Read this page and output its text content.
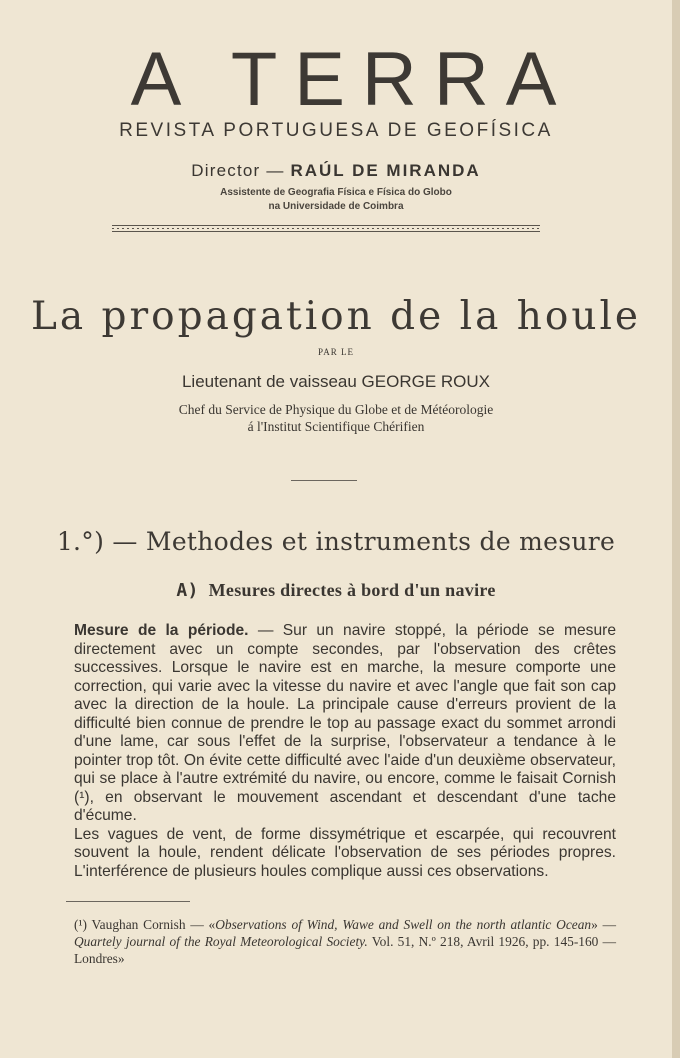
A TERRA
REVISTA PORTUGUESA DE GEOFÍSICA
Director — RAÚL DE MIRANDA
Assistente de Geografia Física e Física do Globo
na Universidade de Coimbra
La propagation de la houle
PAR LE
Lieutenant de vaisseau GEORGE ROUX
Chef du Service de Physique du Globe et de Météorologie
á l'Institut Scientifique Chérifien
1.°) — Methodes et instruments de mesure
A) Mesures directes à bord d'un navire

Mesure de la période. — Sur un navire stoppé, la période se mesure directement avec un compte secondes, par l'observation des crêtes successives. Lorsque le navire est en marche, la mesure comporte une correction, qui varie avec la vitesse du navire et avec l'angle que fait son cap avec la direction de la houle. La principale cause d'erreurs provient de la difficulté bien connue de prendre le top au passage exact du sommet arrondi d'une lame, car sous l'effet de la surprise, l'observateur a tendance à le pointer trop tôt. On évite cette difficulté avec l'aide d'un deuxième observateur, qui se place à l'autre extrémité du navire, ou encore, comme le faisait Cornish (¹), en observant le mouvement ascendant et descendant d'une tache d'écume.

Les vagues de vent, de forme dissymétrique et escarpée, qui recouvrent souvent la houle, rendent délicate l'observation de ses périodes propres. L'interférence de plusieurs houles complique aussi ces observations.

(¹) Vaughan Cornish — «Observations of Wind, Wawe and Swell on the north atlantic Ocean» — Quartely journal of the Royal Meteorological Society. Vol. 51, N.º 218, Avril 1926, pp. 145-160 — Londres»
